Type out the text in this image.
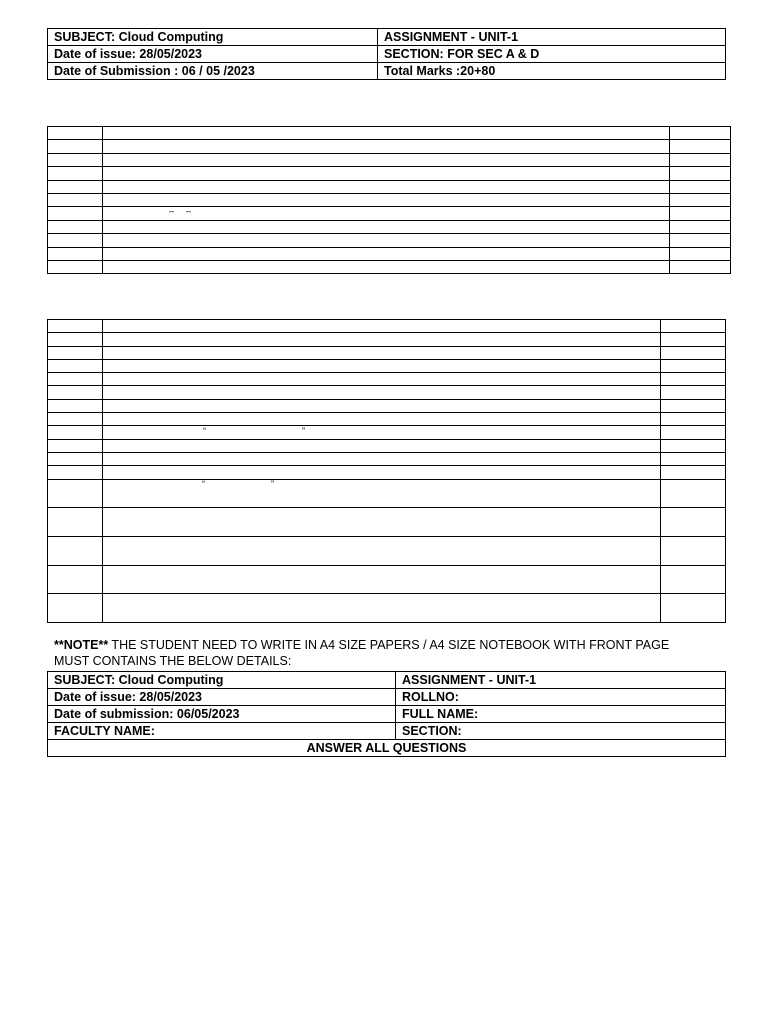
SUBJECT: Cloud Computing	ASSIGNMENT - UNIT-1
Date of issue: 28/05/2023	SECTION: FOR SEC A & D
Date of Submission : 06 / 05 /2023	Total Marks :20+80

– –

“	”
“	”
**NOTE** THE STUDENT NEED TO WRITE IN A4 SIZE PAPERS / A4 SIZE NOTEBOOK WITH FRONT PAGE MUST CONTAINS THE BELOW DETAILS:
SUBJECT: Cloud Computing	ASSIGNMENT - UNIT-1
Date of issue: 28/05/2023	ROLLNO:
Date of submission: 06/05/2023	FULL NAME:
FACULTY NAME:	SECTION:
ANSWER ALL QUESTIONS	
